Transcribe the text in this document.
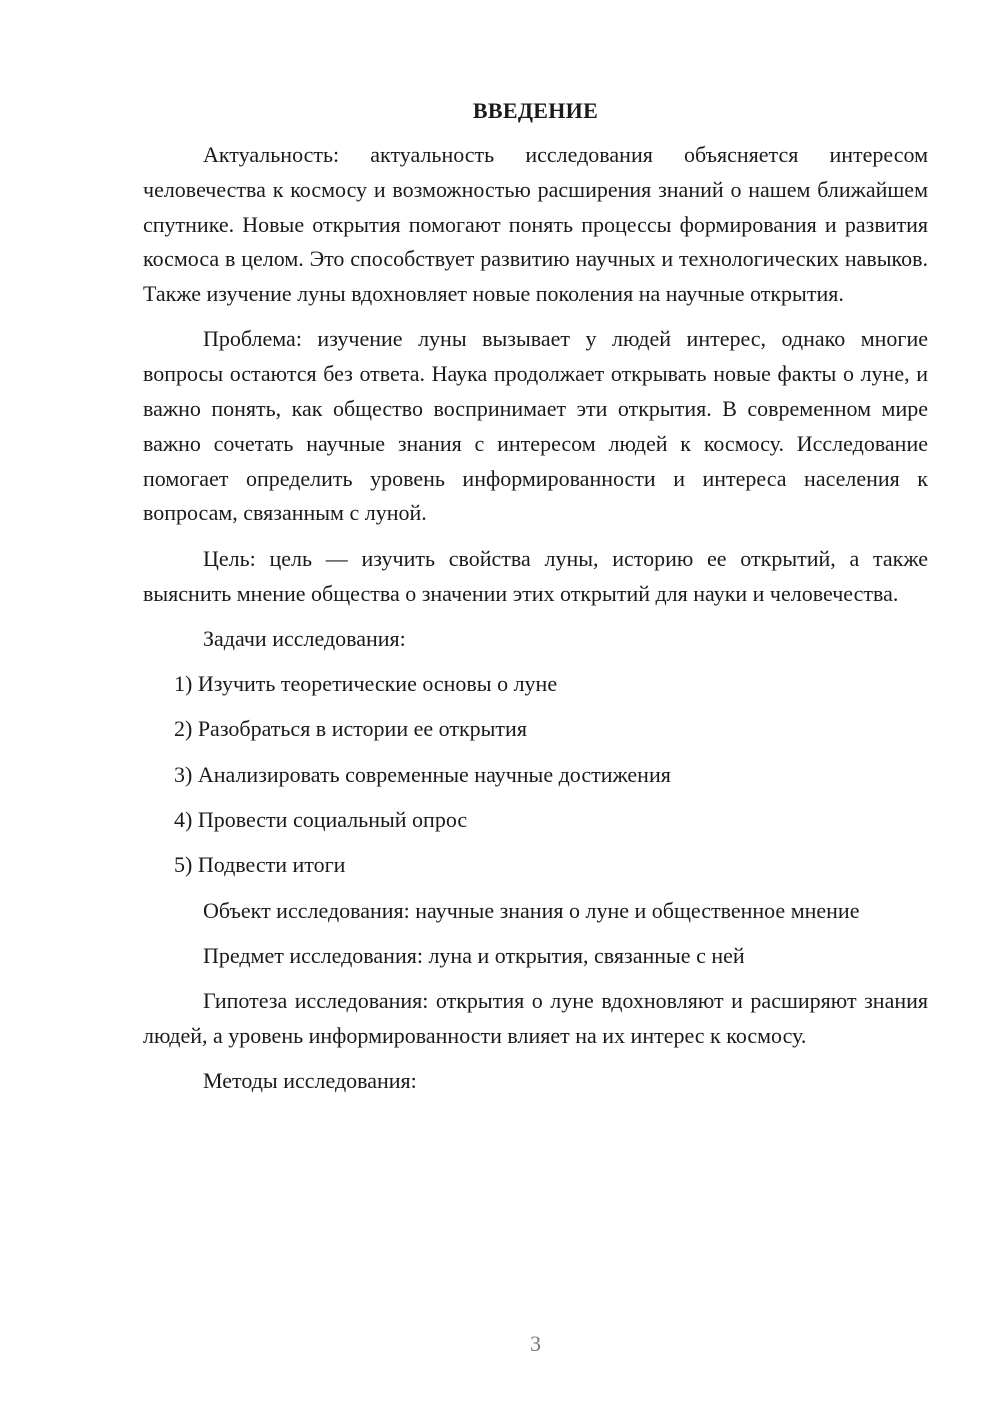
ВВЕДЕНИЕ

Актуальность: актуальность исследования объясняется интересом человечества к космосу и возможностью расширения знаний о нашем ближайшем спутнике. Новые открытия помогают понять процессы формирования и развития космоса в целом. Это способствует развитию научных и технологических навыков. Также изучение луны вдохновляет новые поколения на научные открытия.

Проблема: изучение луны вызывает у людей интерес, однако многие вопросы остаются без ответа. Наука продолжает открывать новые факты о луне, и важно понять, как общество воспринимает эти открытия. В современном мире важно сочетать научные знания с интересом людей к космосу. Исследование помогает определить уровень информированности и интереса населения к вопросам, связанным с луной.

Цель: цель — изучить свойства луны, историю ее открытий, а также выяснить мнение общества о значении этих открытий для науки и человечества.

Задачи исследования:

1) Изучить теоретические основы о луне

2) Разобраться в истории ее открытия

3) Анализировать современные научные достижения

4) Провести социальный опрос

5) Подвести итоги

Объект исследования: научные знания о луне и общественное мнение

Предмет исследования: луна и открытия, связанные с ней

Гипотеза исследования: открытия о луне вдохновляют и расширяют знания людей, а уровень информированности влияет на их интерес к космосу.

Методы исследования:

3
